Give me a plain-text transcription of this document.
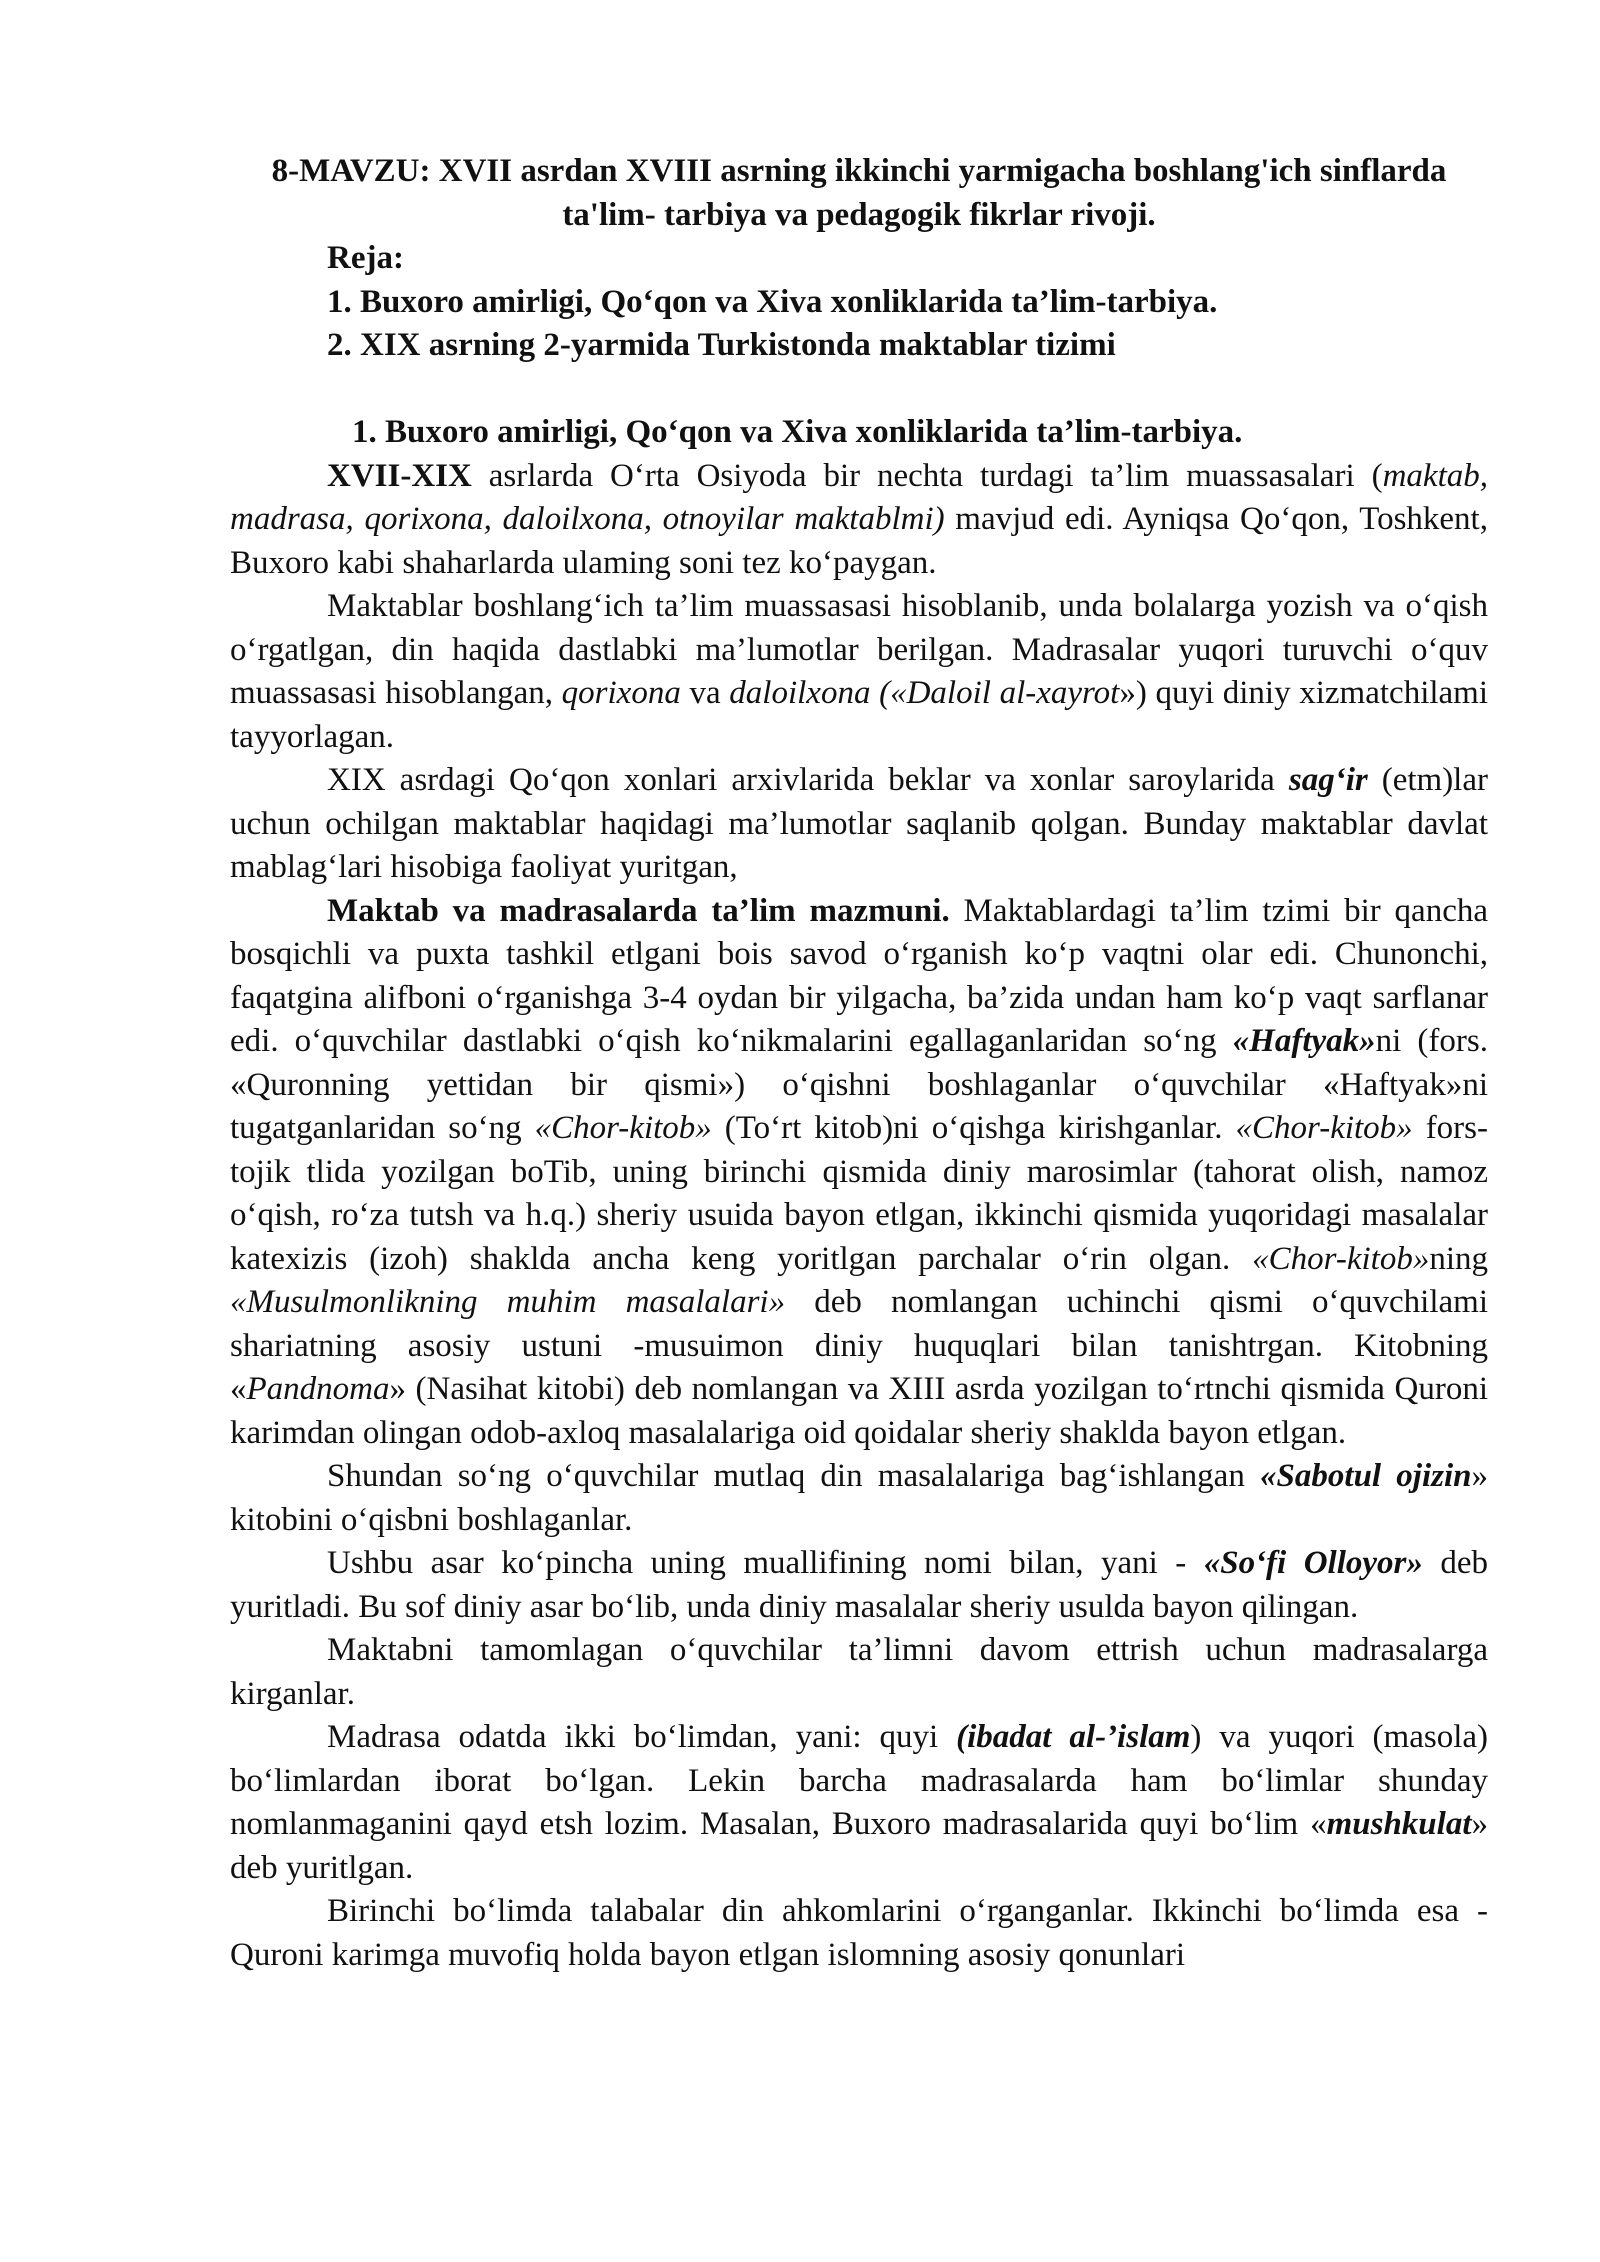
8-MAVZU: XVII asrdan XVIII asrning ikkinchi yarmigacha boshlang'ich sinflarda ta'lim- tarbiya va pedagogik fikrlar rivoji.
Reja:
1. Buxoro amirligi, Qo‘qon va Xiva xonliklarida ta’lim-tarbiya.
2. XIX asrning 2-yarmida Turkistonda maktablar tizimi
1. Buxoro amirligi, Qo‘qon va Xiva xonliklarida ta’lim-tarbiya.

XVII-XIX asrlarda O‘rta Osiyoda bir nechta turdagi ta’lim muassasalari (maktab, madrasa, qorixona, daloilxona, otnoyilar maktablmi) mavjud edi. Ayniqsa Qo‘qon, Toshkent, Buxoro kabi shaharlarda ulaming soni tez ko‘paygan.

Maktablar boshlang‘ich ta’lim muassasasi hisoblanib, unda bolalarga yozish va o‘qish o‘rgatlgan, din haqida dastlabki ma’lumotlar berilgan. Madrasalar yuqori turuvchi o‘quv muassasasi hisoblangan, qorixona va daloilxona («Daloil al-xayrot») quyi diniy xizmatchilami tayyorlagan.

XIX asrdagi Qo‘qon xonlari arxivlarida beklar va xonlar saroylarida sag‘ir (etm)lar uchun ochilgan maktablar haqidagi ma’lumotlar saqlanib qolgan. Bunday maktablar davlat mablag‘lari hisobiga faoliyat yuritgan,

Maktab va madrasalarda ta’lim mazmuni. Maktablardagi ta’lim tzimi bir qancha bosqichli va puxta tashkil etlgani bois savod o‘rganish ko‘p vaqtni olar edi. Chunonchi, faqatgina alifboni o‘rganishga 3-4 oydan bir yilgacha, ba’zida undan ham ko‘p vaqt sarflanar edi. o‘quvchilar dastlabki o‘qish ko‘nikmalarini egallaganlaridan so‘ng «Haftyak»ni (fors. «Quronning yettidan bir qismi») o‘qishni boshlaganlar o‘quvchilar «Haftyak»ni tugatganlaridan so‘ng «Chor-kitob» (To‘rt kitob)ni o‘qishga kirishganlar. «Chor-kitob» fors-tojik tlida yozilgan boTib, uning birinchi qismida diniy marosimlar (tahorat olish, namoz o‘qish, ro‘za tutsh va h.q.) sheriy usuida bayon etlgan, ikkinchi qismida yuqoridagi masalalar katexizis (izoh) shakldа ancha keng yoritlgan parchalar o‘rin olgan. «Chor-kitob»ning «Musulmonlikning muhim masalalari» deb nomlangan uchinchi qismi o‘quvchilami shariatning asosiy ustuni -musuimon diniy huquqlari bilan tanishtrgan. Kitobning «Pandnoma» (Nasihat kitobi) deb nomlangan va XIII asrda yozilgan to‘rtnchi qismida Quroni karimdan olingan odob-axloq masalalariga oid qoidalar sheriy shakldа bayon etlgan.

Shundan so‘ng o‘quvchilar mutlaq din masalalariga bag‘ishlangan «Sabotul ojizin» kitobini o‘qisbni boshlaganlar.

Ushbu asar ko‘pincha uning muallifining nomi bilan, yani - «So‘fi Olloyor» deb yuritladi. Bu sof diniy asar bo‘lib, unda diniy masalalar sheriy usulda bayon qilingan.

Maktabni tamomlagan o‘quvchilar ta’limni davom ettrish uchun madrasalarga kirganlar.

Madrasa odatda ikki bo‘limdan, yani: quyi (ibadat al-’islam) va yuqori (masola) bo‘limlardan iborat bo‘lgan. Lekin barcha madrasalarda ham bo‘limlar shunday nomlanmaganini qayd etsh lozim. Masalan, Buxoro madrasalarida quyi bo‘lim «mushkulat» deb yuritlgan.

Birinchi bo‘limda talabalar din ahkomlarini o‘rganganlar. Ikkinchi bo‘limda esa - Quroni karimga muvofiq holda bayon etlgan islomning asosiy qonunlari
